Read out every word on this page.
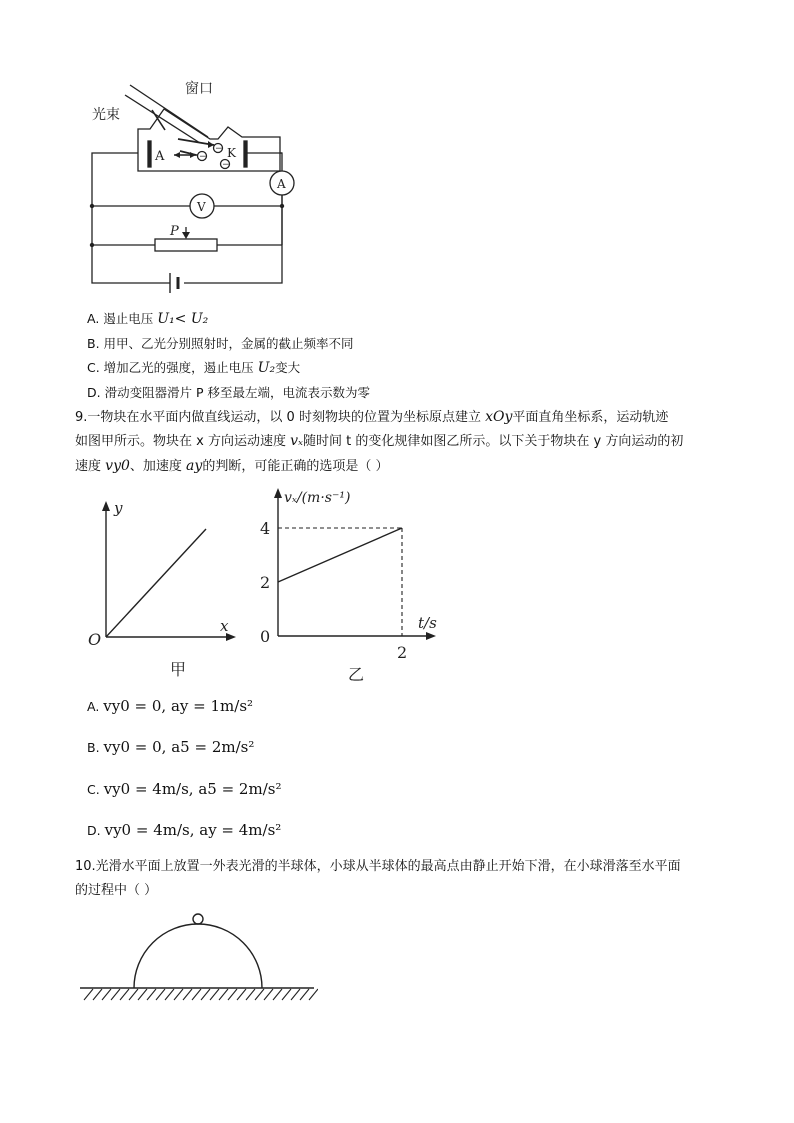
A	K
A
V
P
−
−
−
窗口
光束
A. 遏止电压 U₁< U₂
B. 用甲、乙光分别照射时，金属的截止频率不同
C. 增加乙光的强度，遏止电压 U₂变大
D. 滑动变阻器滑片 P 移至最左端，电流表示数为零
9.一物块在水平面内做直线运动，以 0 时刻物块的位置为坐标原点建立 xOy平面直角坐标系，运动轨迹
如图甲所示。物块在 x 方向运动速度 vₓ随时间 t 的变化规律如图乙所示。以下关于物块在 y 方向运动的初
速度 vy0、加速度 ay的判断，可能正确的选项是（ ）
y
x
O
甲
vₓ/(m·s⁻¹)
t/s
乙
0
2
4
2
A. vy0 = 0, ay = 1m/s²
B. vy0 = 0, a5 = 2m/s²
C. vy0 = 4m/s, a5 = 2m/s²
D. vy0 = 4m/s, ay = 4m/s²
10.光滑水平面上放置一外表光滑的半球体，小球从半球体的最高点由静止开始下滑，在小球滑落至水平面
的过程中（ ）
